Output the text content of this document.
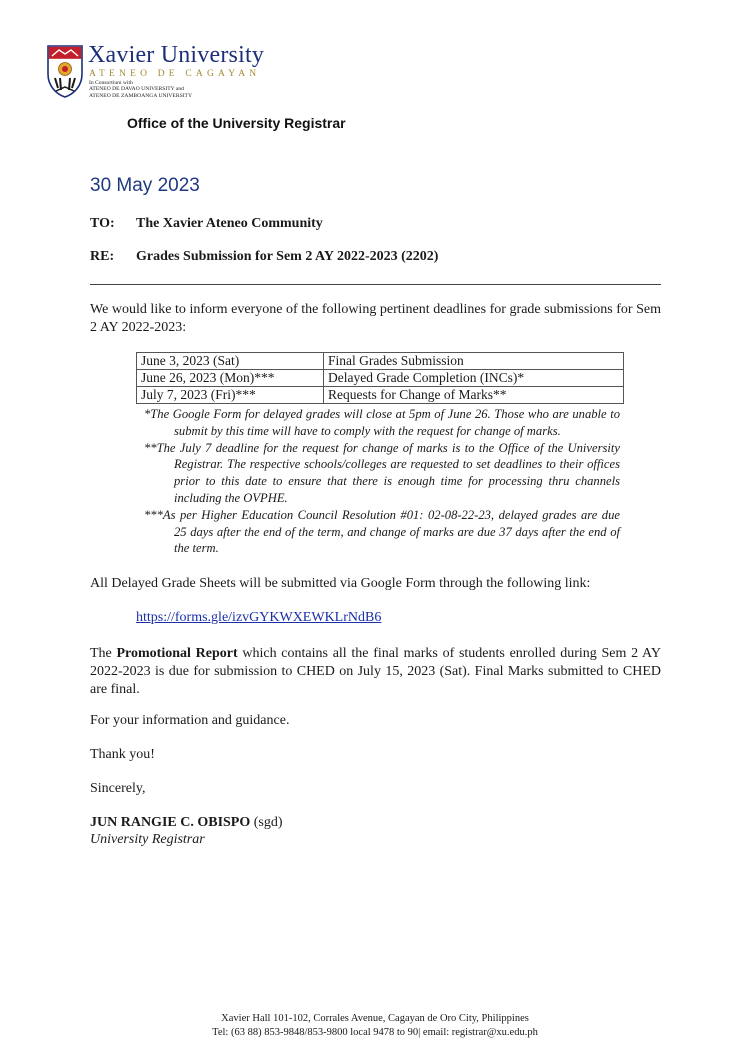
Xavier University
ATENEO DE CAGAYAN
In Consortium with
ATENEO DE DAVAO UNIVERSITY and
ATENEO DE ZAMBOANGA UNIVERSITY
Office of the University Registrar
30 May 2023
TO: The Xavier Ateneo Community
RE: Grades Submission for Sem 2 AY 2022-2023 (2202)
We would like to inform everyone of the following pertinent deadlines for grade submissions for Sem 2 AY 2022-2023:
June 3, 2023 (Sat)	Final Grades Submission
June 26, 2023 (Mon)***	Delayed Grade Completion (INCs)*
July 7, 2023 (Fri)***	Requests for Change of Marks**
*The Google Form for delayed grades will close at 5pm of June 26. Those who are unable to submit by this time will have to comply with the request for change of marks.
**The July 7 deadline for the request for change of marks is to the Office of the University Registrar. The respective schools/colleges are requested to set deadlines to their offices prior to this date to ensure that there is enough time for processing thru channels including the OVPHE.
***As per Higher Education Council Resolution #01: 02-08-22-23, delayed grades are due 25 days after the end of the term, and change of marks are due 37 days after the end of the term.
All Delayed Grade Sheets will be submitted via Google Form through the following link:
https://forms.gle/izvGYKWXEWKLrNdB6
The Promotional Report which contains all the final marks of students enrolled during Sem 2 AY 2022-2023 is due for submission to CHED on July 15, 2023 (Sat). Final Marks submitted to CHED are final.
For your information and guidance.
Thank you!
Sincerely,
JUN RANGIE C. OBISPO (sgd)
University Registrar
Xavier Hall 101-102, Corrales Avenue, Cagayan de Oro City, Philippines
Tel: (63 88) 853-9848/853-9800 local 9478 to 90| email: registrar@xu.edu.ph
